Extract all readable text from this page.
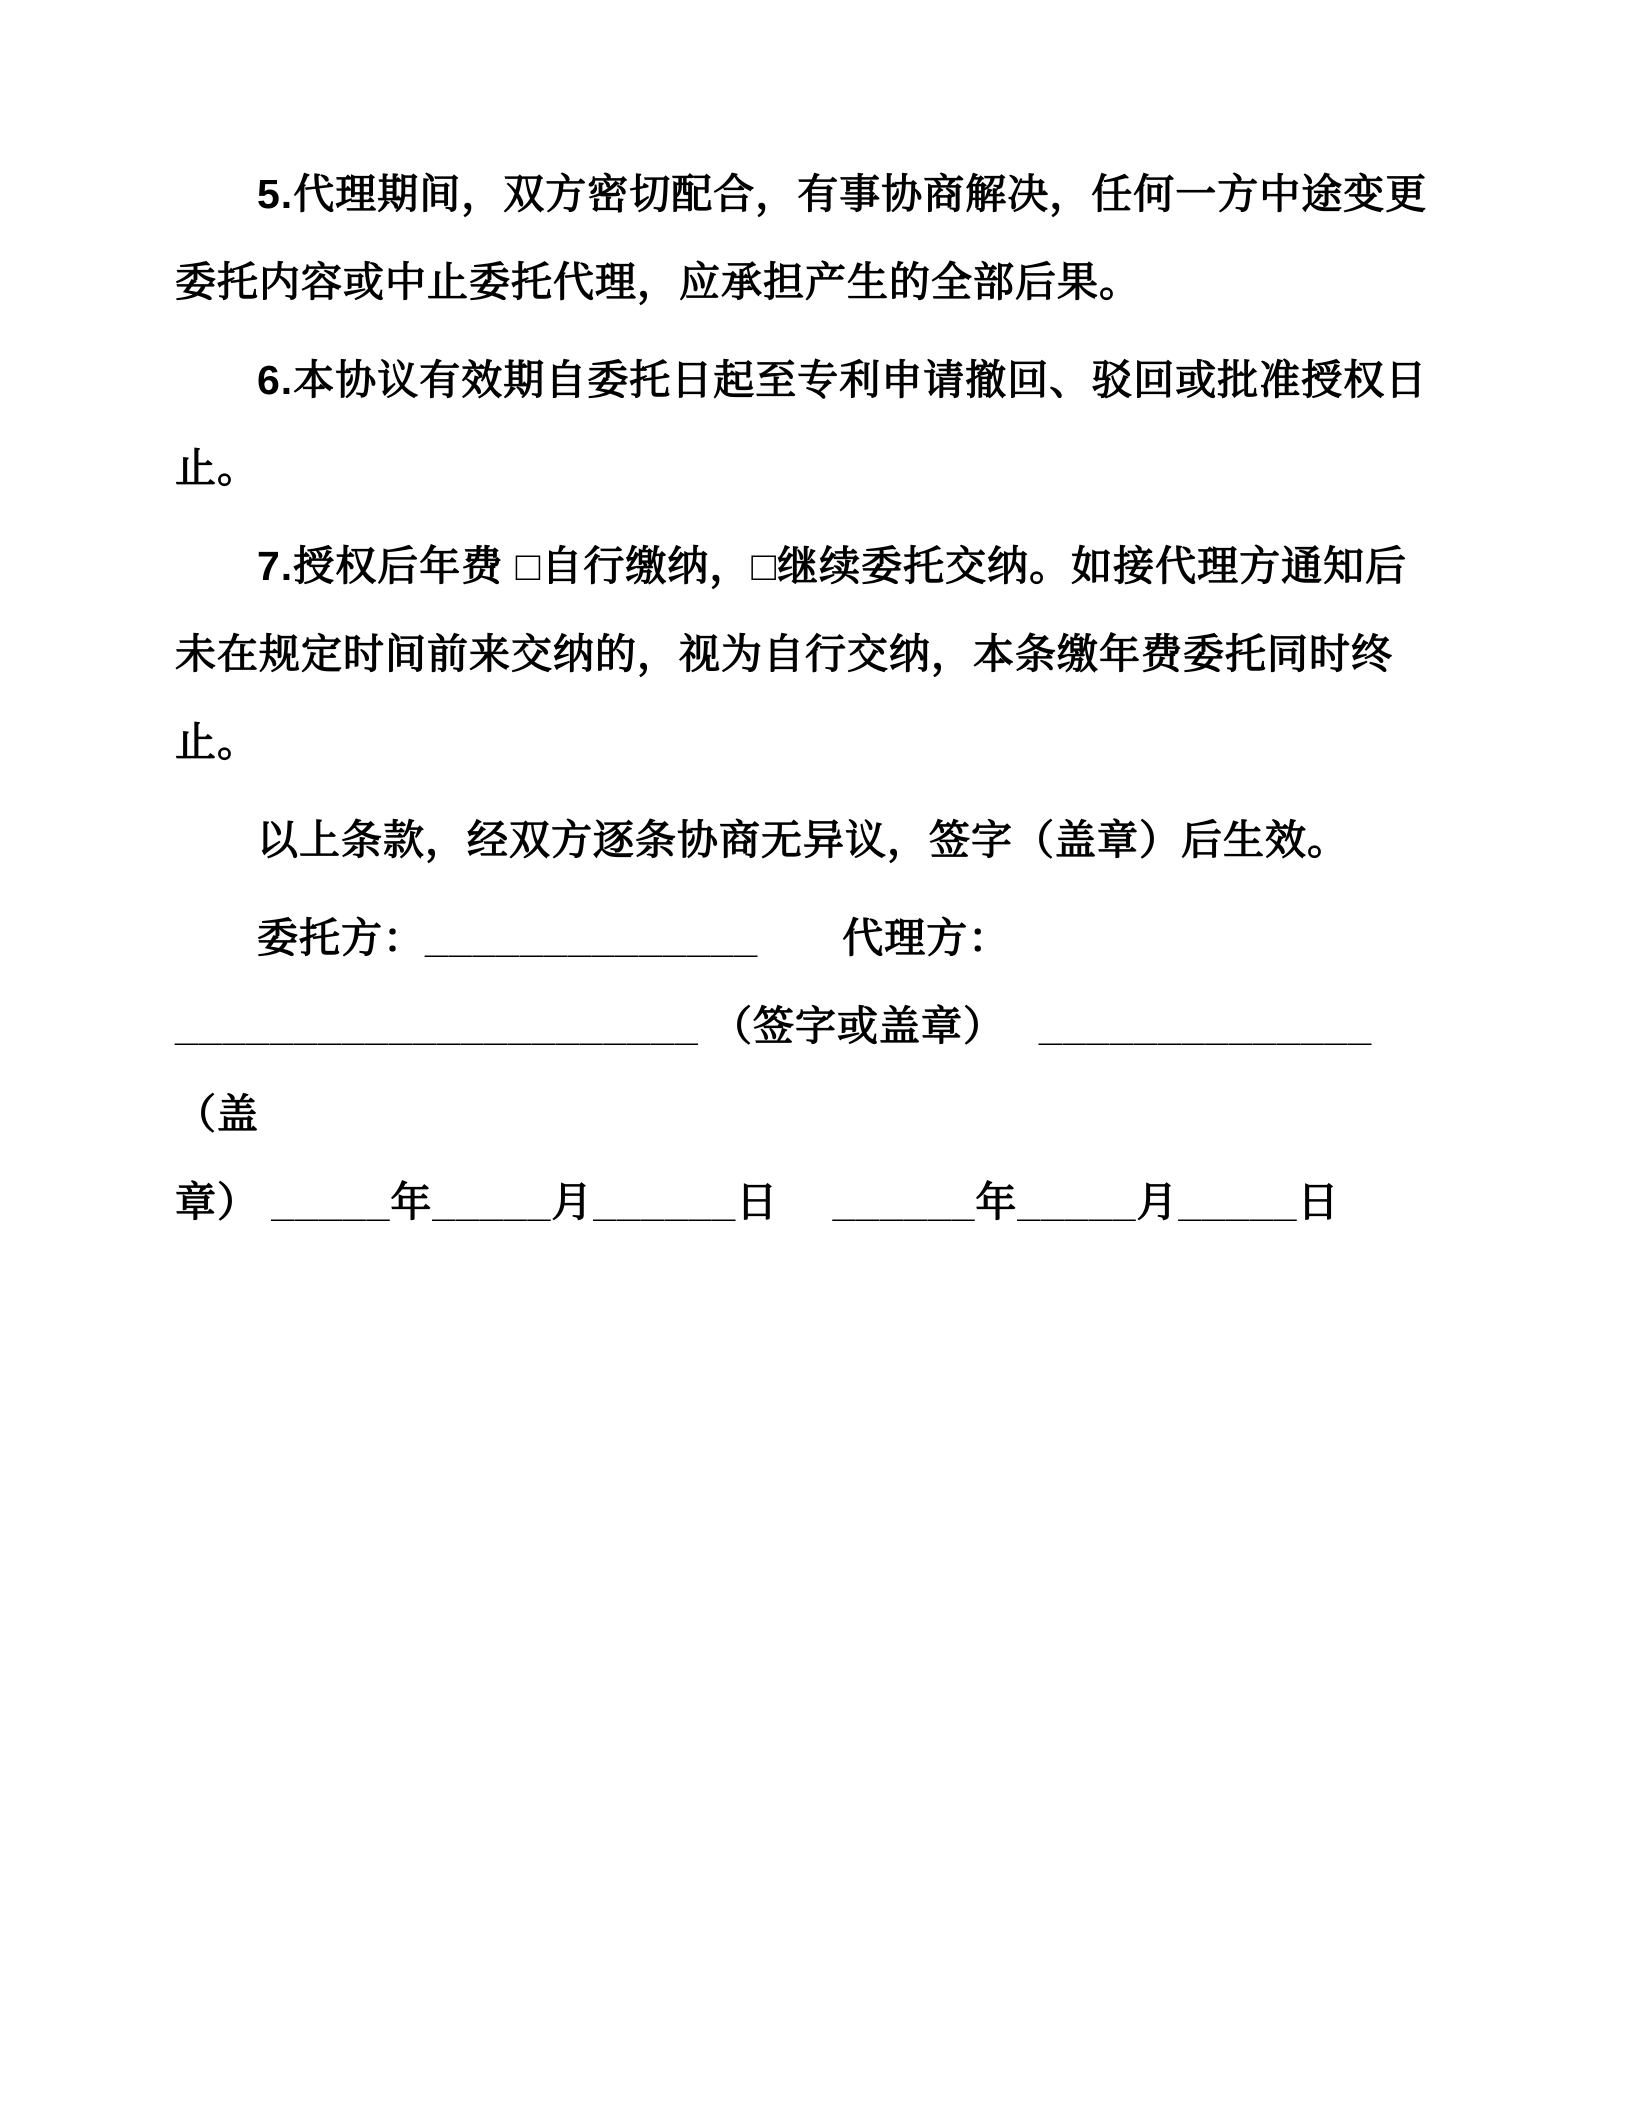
5.代理期间，双方密切配合，有事协商解决，任何一方中途变更
委托内容或中止委托代理，应承担产生的全部后果。
6.本协议有效期自委托日起至专利申请撤回、驳回或批准授权日
止。
7.授权后年费 □自行缴纳，□继续委托交纳。如接代理方通知后
未在规定时间前来交纳的，视为自行交纳，本条缴年费委托同时终止。
以上条款，经双方逐条协商无异议，签字（盖章）后生效。
委托方：______________　　代理方：
______________________ （签字或盖章）　 ______________ （盖
章） _____年_____月______日　 ______年_____月_____日
